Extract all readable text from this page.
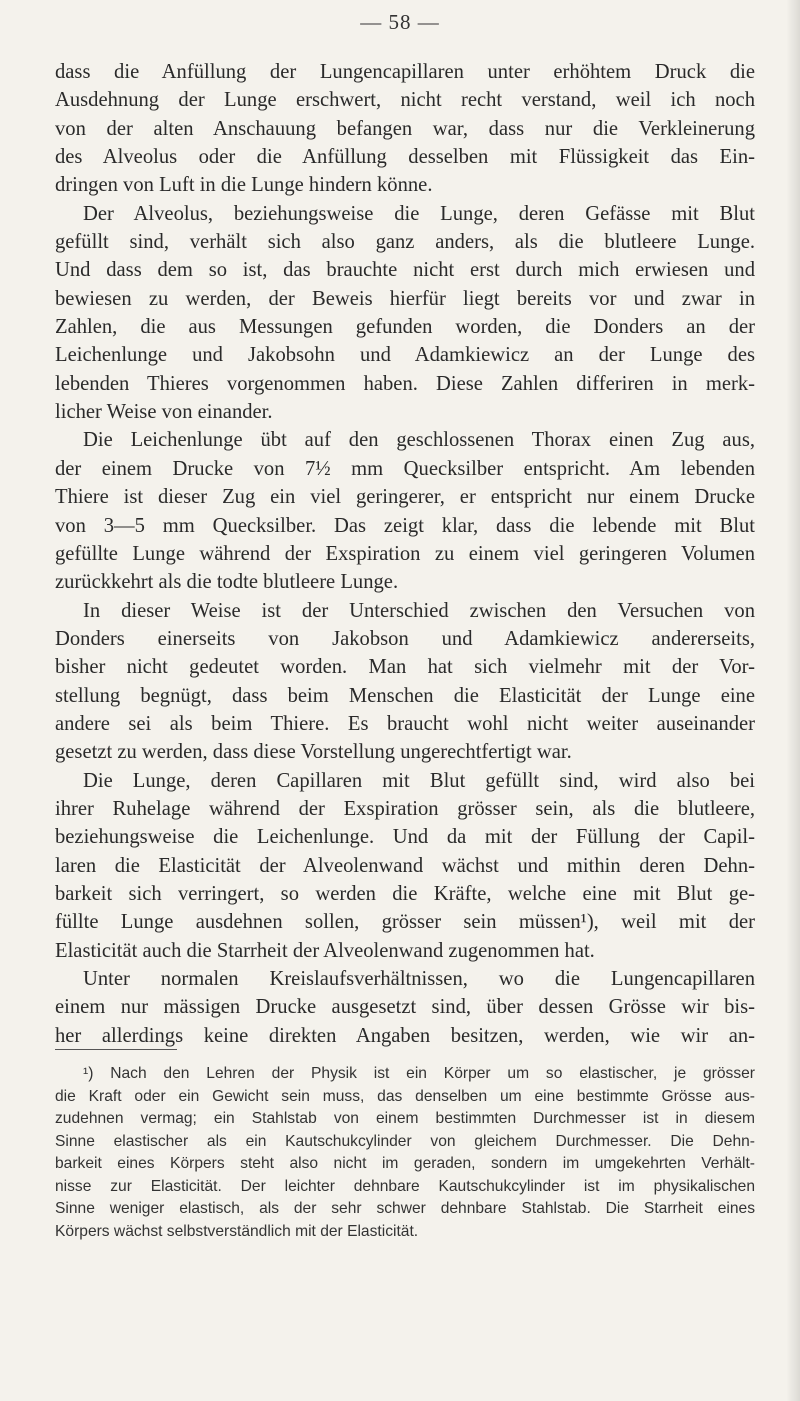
— 58 —
dass die Anfüllung der Lungencapillaren unter erhöhtem Druck die
Ausdehnung der Lunge erschwert, nicht recht verstand, weil ich noch
von der alten Anschauung befangen war, dass nur die Verkleinerung
des Alveolus oder die Anfüllung desselben mit Flüssigkeit das Ein-
dringen von Luft in die Lunge hindern könne.
Der Alveolus, beziehungsweise die Lunge, deren Gefässe mit Blut
gefüllt sind, verhält sich also ganz anders, als die blutleere Lunge.
Und dass dem so ist, das brauchte nicht erst durch mich erwiesen und
bewiesen zu werden, der Beweis hierfür liegt bereits vor und zwar in
Zahlen, die aus Messungen gefunden worden, die Donders an der
Leichenlunge und Jakobsohn und Adamkiewicz an der Lunge des
lebenden Thieres vorgenommen haben. Diese Zahlen differiren in merk-
licher Weise von einander.
Die Leichenlunge übt auf den geschlossenen Thorax einen Zug aus,
der einem Drucke von 7½ mm Quecksilber entspricht. Am lebenden
Thiere ist dieser Zug ein viel geringerer, er entspricht nur einem Drucke
von 3—5 mm Quecksilber. Das zeigt klar, dass die lebende mit Blut
gefüllte Lunge während der Exspiration zu einem viel geringeren Volumen
zurückkehrt als die todte blutleere Lunge.
In dieser Weise ist der Unterschied zwischen den Versuchen von
Donders einerseits von Jakobson und Adamkiewicz andererseits,
bisher nicht gedeutet worden. Man hat sich vielmehr mit der Vor-
stellung begnügt, dass beim Menschen die Elasticität der Lunge eine
andere sei als beim Thiere. Es braucht wohl nicht weiter auseinander
gesetzt zu werden, dass diese Vorstellung ungerechtfertigt war.
Die Lunge, deren Capillaren mit Blut gefüllt sind, wird also bei
ihrer Ruhelage während der Exspiration grösser sein, als die blutleere,
beziehungsweise die Leichenlunge. Und da mit der Füllung der Capil-
laren die Elasticität der Alveolenwand wächst und mithin deren Dehn-
barkeit sich verringert, so werden die Kräfte, welche eine mit Blut ge-
füllte Lunge ausdehnen sollen, grösser sein müssen¹), weil mit der
Elasticität auch die Starrheit der Alveolenwand zugenommen hat.
Unter normalen Kreislaufsverhältnissen, wo die Lungencapillaren
einem nur mässigen Drucke ausgesetzt sind, über dessen Grösse wir bis-
her allerdings keine direkten Angaben besitzen, werden, wie wir an-
¹) Nach den Lehren der Physik ist ein Körper um so elastischer, je grösser
die Kraft oder ein Gewicht sein muss, das denselben um eine bestimmte Grösse aus-
zudehnen vermag; ein Stahlstab von einem bestimmten Durchmesser ist in diesem
Sinne elastischer als ein Kautschukcylinder von gleichem Durchmesser. Die Dehn-
barkeit eines Körpers steht also nicht im geraden, sondern im umgekehrten Verhält-
nisse zur Elasticität. Der leichter dehnbare Kautschukcylinder ist im physikalischen
Sinne weniger elastisch, als der sehr schwer dehnbare Stahlstab. Die Starrheit eines
Körpers wächst selbstverständlich mit der Elasticität.
